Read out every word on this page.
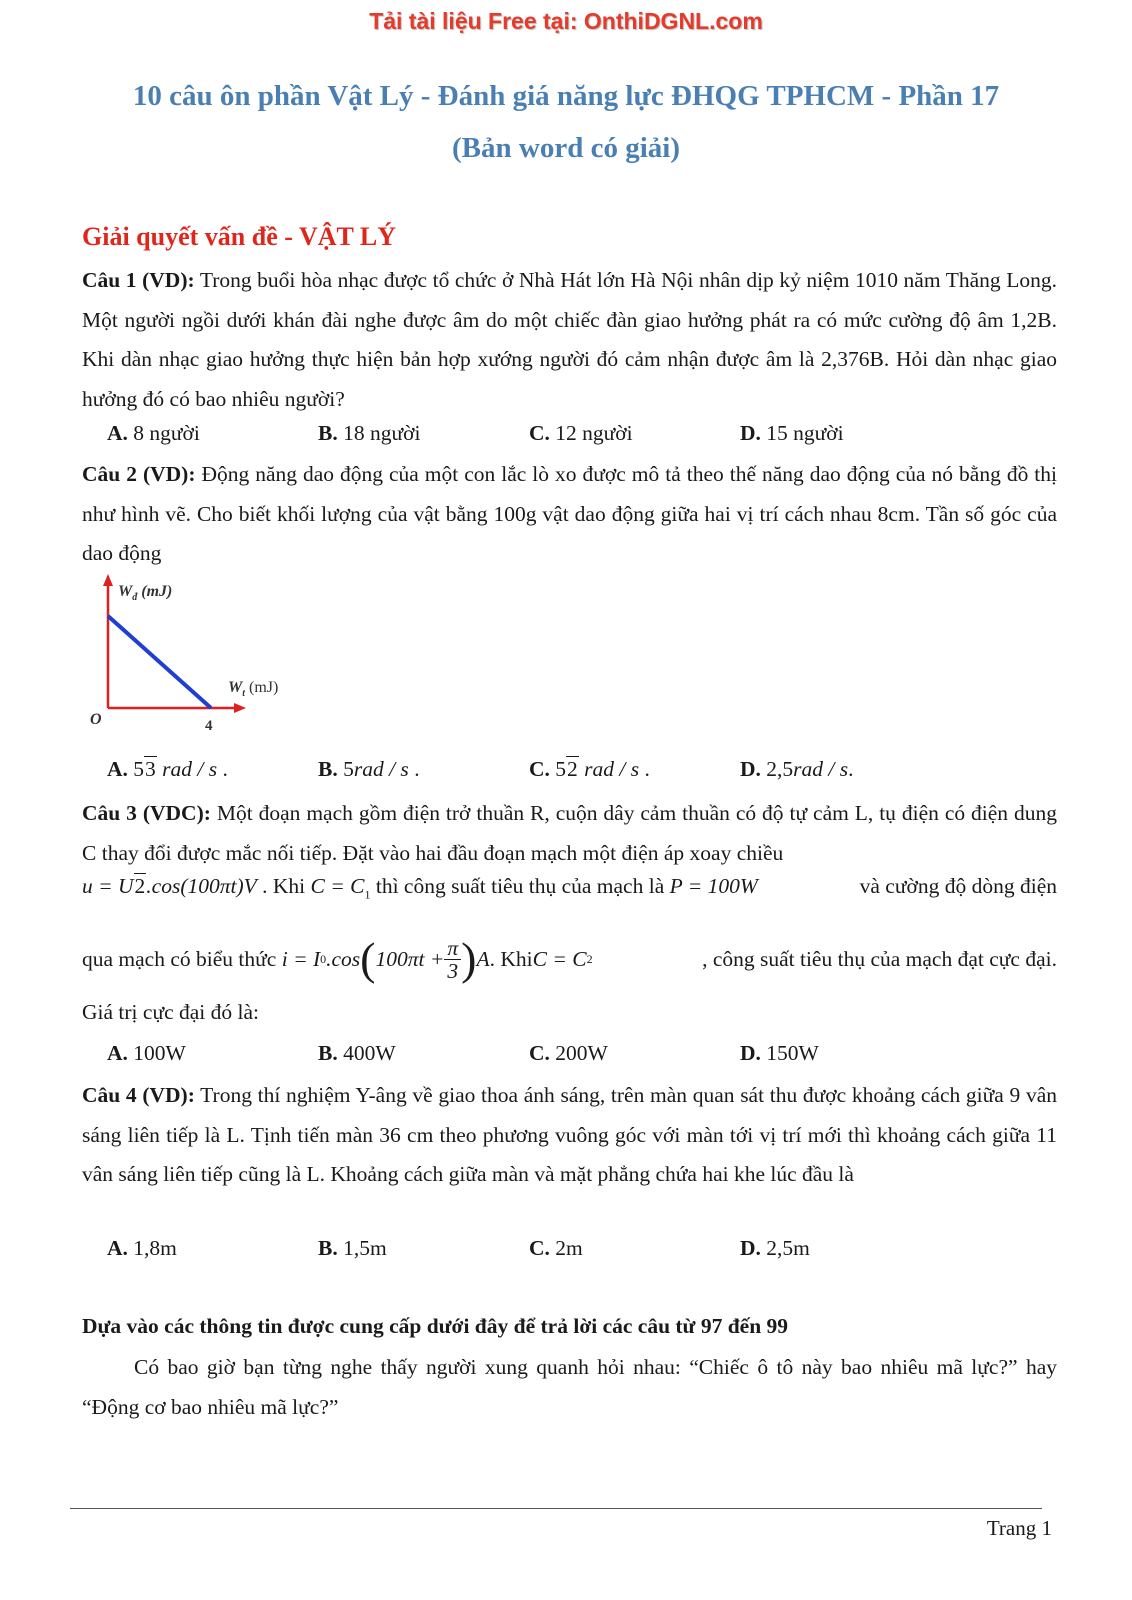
Tải tài liệu Free tại: OnthiDGNL.com
10 câu ôn phần Vật Lý - Đánh giá năng lực ĐHQG TPHCM - Phần 17
(Bản word có giải)
Giải quyết vấn đề - VẬT LÝ
Câu 1 (VD): Trong buổi hòa nhạc được tổ chức ở Nhà Hát lớn Hà Nội nhân dịp kỷ niệm 1010 năm Thăng Long. Một người ngồi dưới khán đài nghe được âm do một chiếc đàn giao hưởng phát ra có mức cường độ âm 1,2B. Khi dàn nhạc giao hưởng thực hiện bản hợp xướng người đó cảm nhận được âm là 2,376B. Hỏi dàn nhạc giao hưởng đó có bao nhiêu người?
A. 8 người	B. 18 người	C. 12 người	D. 15 người
Câu 2 (VD): Động năng dao động của một con lắc lò xo được mô tả theo thế năng dao động của nó bằng đồ thị như hình vẽ. Cho biết khối lượng của vật bằng 100g vật dao động giữa hai vị trí cách nhau 8cm. Tần số góc của dao động
$W_đ$ (mJ)
$W_t$ (mJ)
O	4
A. 53 rad / s .	B. 5rad / s .	C. 52 rad / s .	D. 2,5rad / s.
Câu 3 (VDC): Một đoạn mạch gồm điện trở thuần R, cuộn dây cảm thuần có độ tự cảm L, tụ điện có điện dung C thay đổi được mắc nối tiếp. Đặt vào hai đầu đoạn mạch một điện áp xoay chiều
u = U2.cos(100πt)V . Khi $C = C_1$ thì công suất tiêu thụ của mạch là P = 100W	và cường độ dòng điện
qua mạch có biểu thức
i = I 0 .cos ( $100\pi t + \frac{\pi}{3}$ ) A . Khi C = C 2	, công suất tiêu thụ của mạch đạt cực đại.
Giá trị cực đại đó là:
A. 100W	B. 400W	C. 200W	D. 150W
Câu 4 (VD): Trong thí nghiệm Y-âng về giao thoa ánh sáng, trên màn quan sát thu được khoảng cách giữa 9 vân sáng liên tiếp là L. Tịnh tiến màn 36 cm theo phương vuông góc với màn tới vị trí mới thì khoảng cách giữa 11 vân sáng liên tiếp cũng là L. Khoảng cách giữa màn và mặt phẳng chứa hai khe lúc đầu là
A. 1,8m	B. 1,5m	C. 2m	D. 2,5m
Dựa vào các thông tin được cung cấp dưới đây để trả lời các câu từ 97 đến 99
Có bao giờ bạn từng nghe thấy người xung quanh hỏi nhau: “Chiếc ô tô này bao nhiêu mã lực?” hay “Động cơ bao nhiêu mã lực?”
Trang 1
